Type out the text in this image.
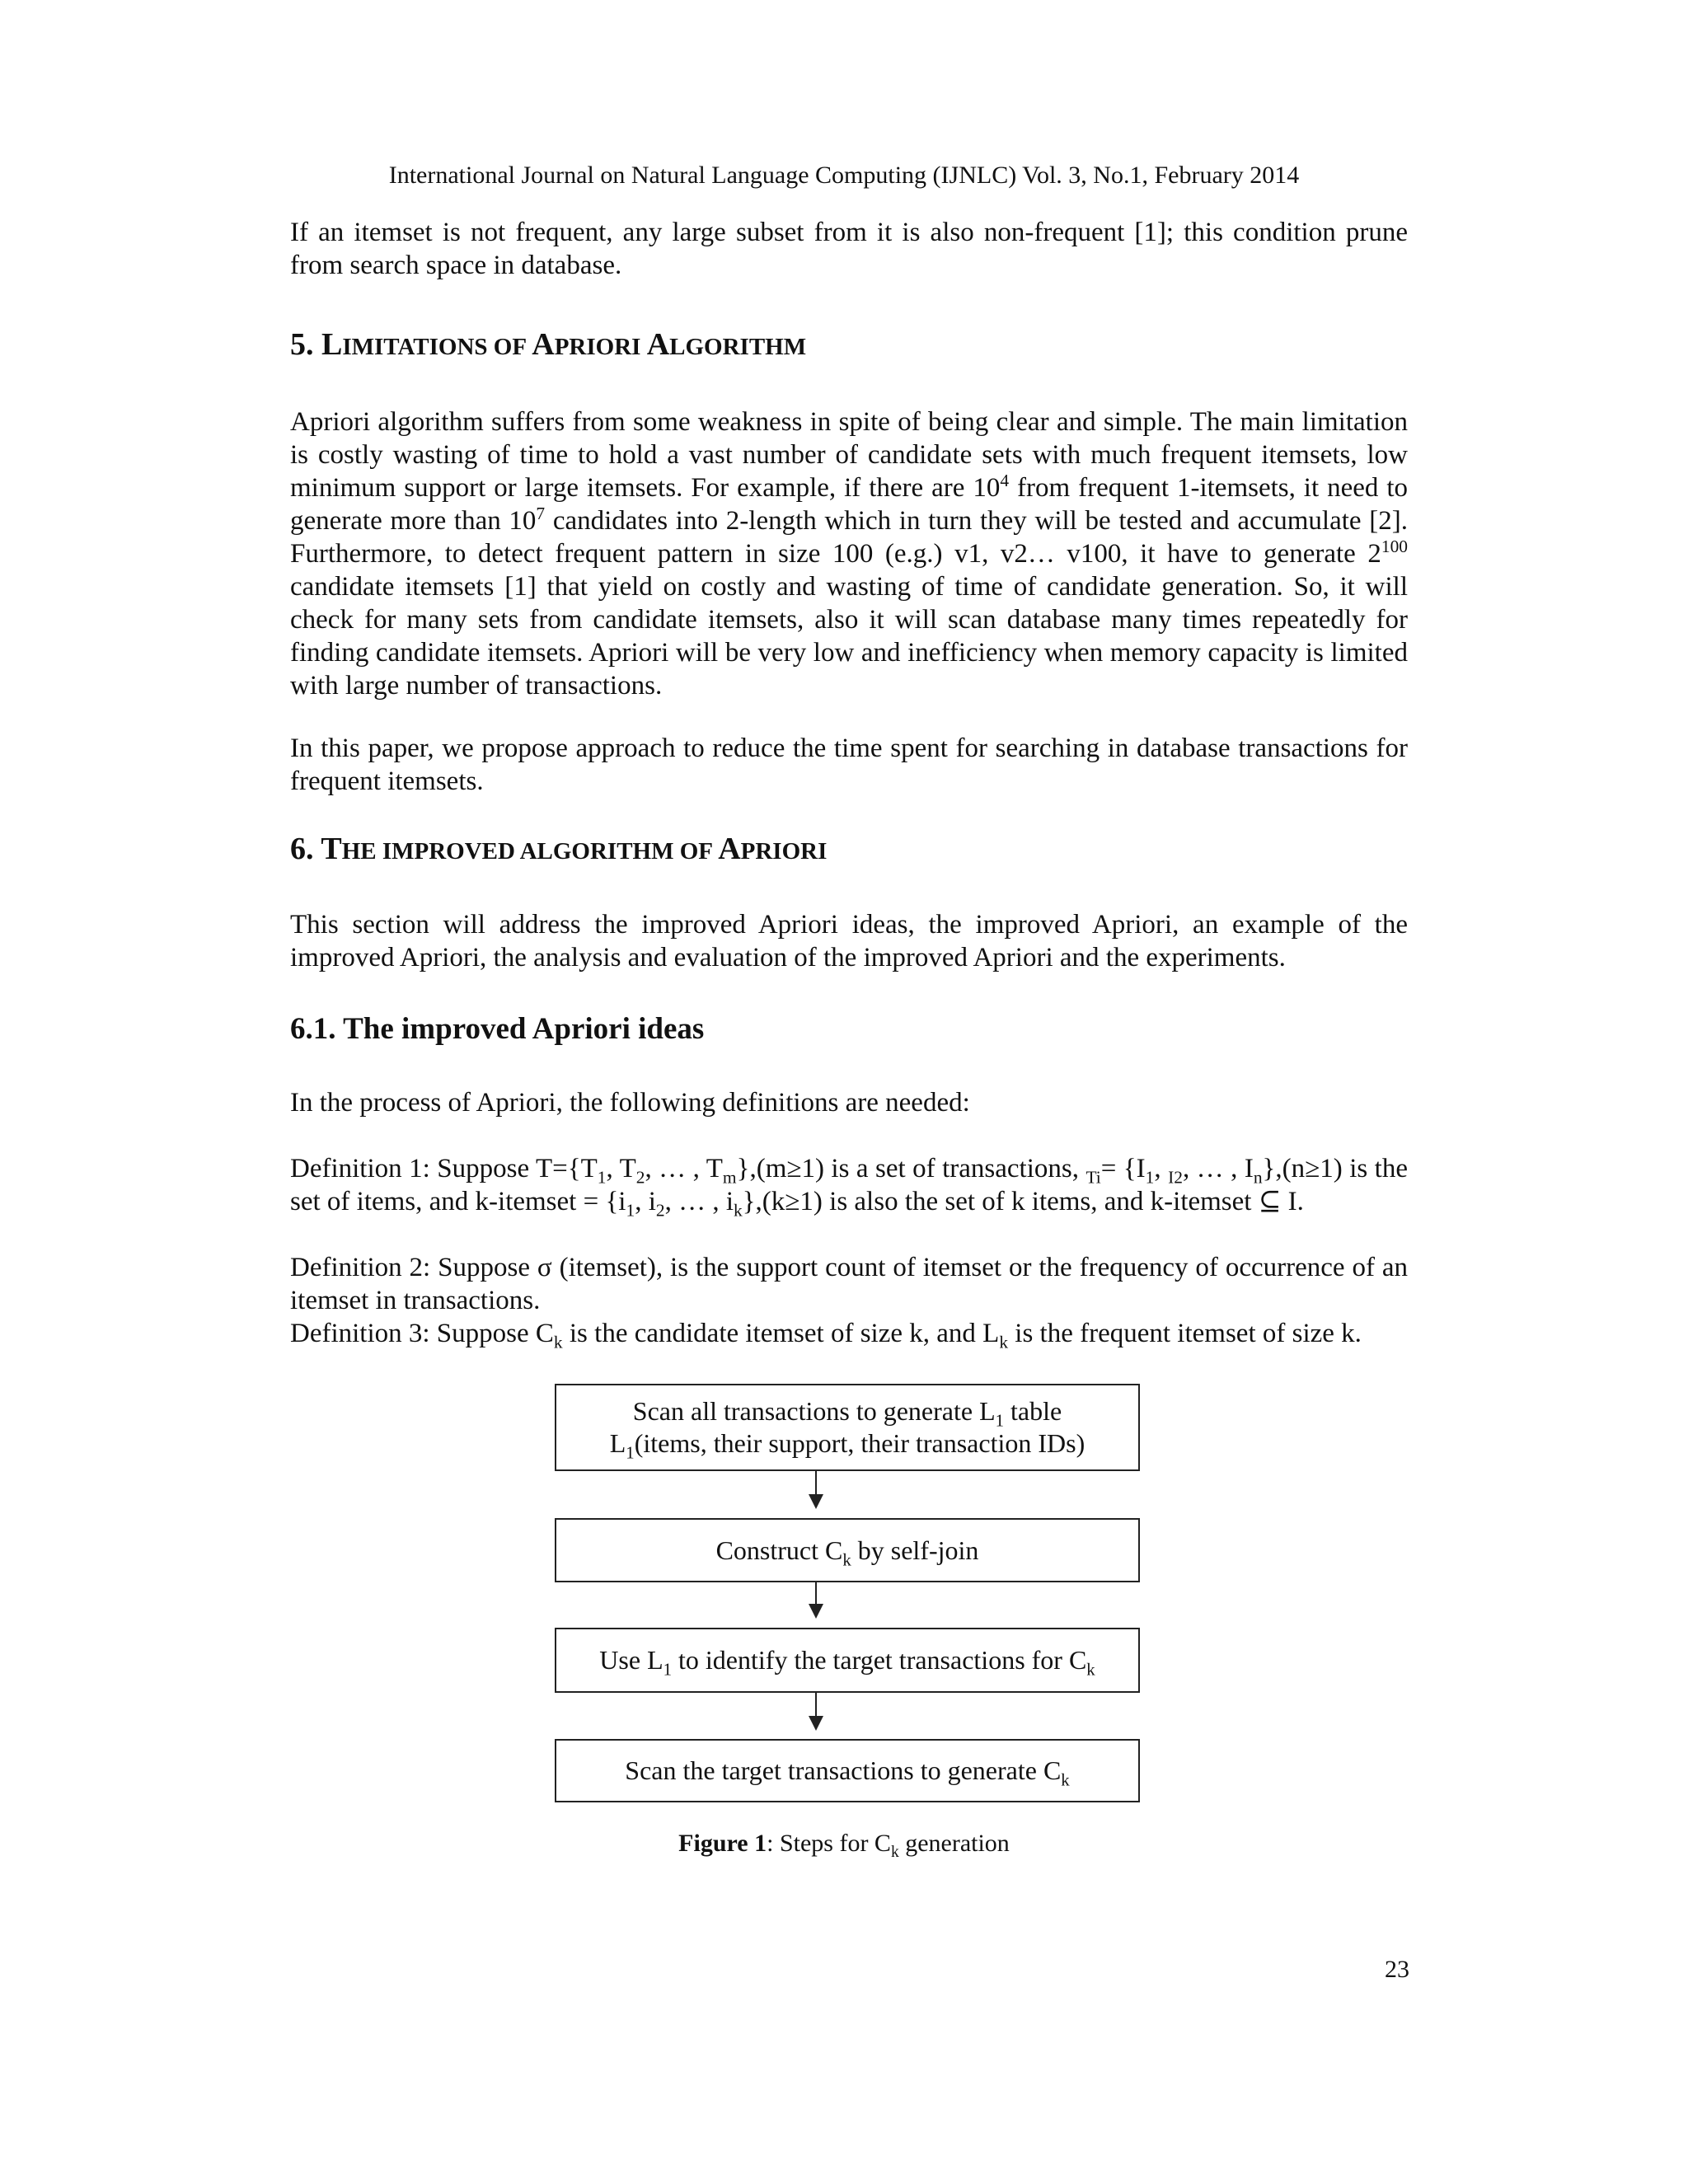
International Journal on Natural Language Computing (IJNLC) Vol. 3, No.1, February 2014

If an itemset is not frequent, any large subset from it is also non-frequent [1]; this condition prune from search space in database.

5. LIMITATIONS OF APRIORI ALGORITHM

Apriori algorithm suffers from some weakness in spite of being clear and simple. The main limitation is costly wasting of time to hold a vast number of candidate sets with much frequent itemsets, low minimum support or large itemsets. For example, if there are $10^4$ from frequent 1-itemsets, it need to generate more than $10^7$ candidates into 2-length which in turn they will be tested and accumulate [2]. Furthermore, to detect frequent pattern in size 100 (e.g.) v1, v2… v100, it have to generate $2^{100}$ candidate itemsets [1] that yield on costly and wasting of time of candidate generation. So, it will check for many sets from candidate itemsets, also it will scan database many times repeatedly for finding candidate itemsets. Apriori will be very low and inefficiency when memory capacity is limited with large number of transactions.

In this paper, we propose approach to reduce the time spent for searching in database transactions for frequent itemsets.

6. THE IMPROVED ALGORITHM OF APRIORI

This section will address the improved Apriori ideas, the improved Apriori, an example of the improved Apriori, the analysis and evaluation of the improved Apriori and the experiments.

6.1. The improved Apriori ideas

In the process of Apriori, the following definitions are needed:

Definition 1: Suppose $T=\{T_1$, $T_2$, … , $T_m\},(m\ge 1)$ is a set of transactions, $_{Ti}= \{I_1$, $_{I2}$, … , $I_n\},(n\ge 1)$ is the set of items, and k-itemset = {$i_1$, $i_2$, … , $i_k\},(k\ge 1)$ is also the set of k items, and k-itemset ⊆ I.

Definition 2: Suppose σ (itemset), is the support count of itemset or the frequency of occurrence of an itemset in transactions.

Definition 3: Suppose $C_k$ is the candidate itemset of size k, and $L_k$ is the frequent itemset of size k.

Scan all transactions to generate $L_1$ table
$L_1(items$, their support, their transaction IDs)
Construct $C_k$ by self-join
Use $L_1$ to identify the target transactions for $C_k$
Scan the target transactions to generate $C_k$
Figure 1: Steps for $C_k$ generation
23
